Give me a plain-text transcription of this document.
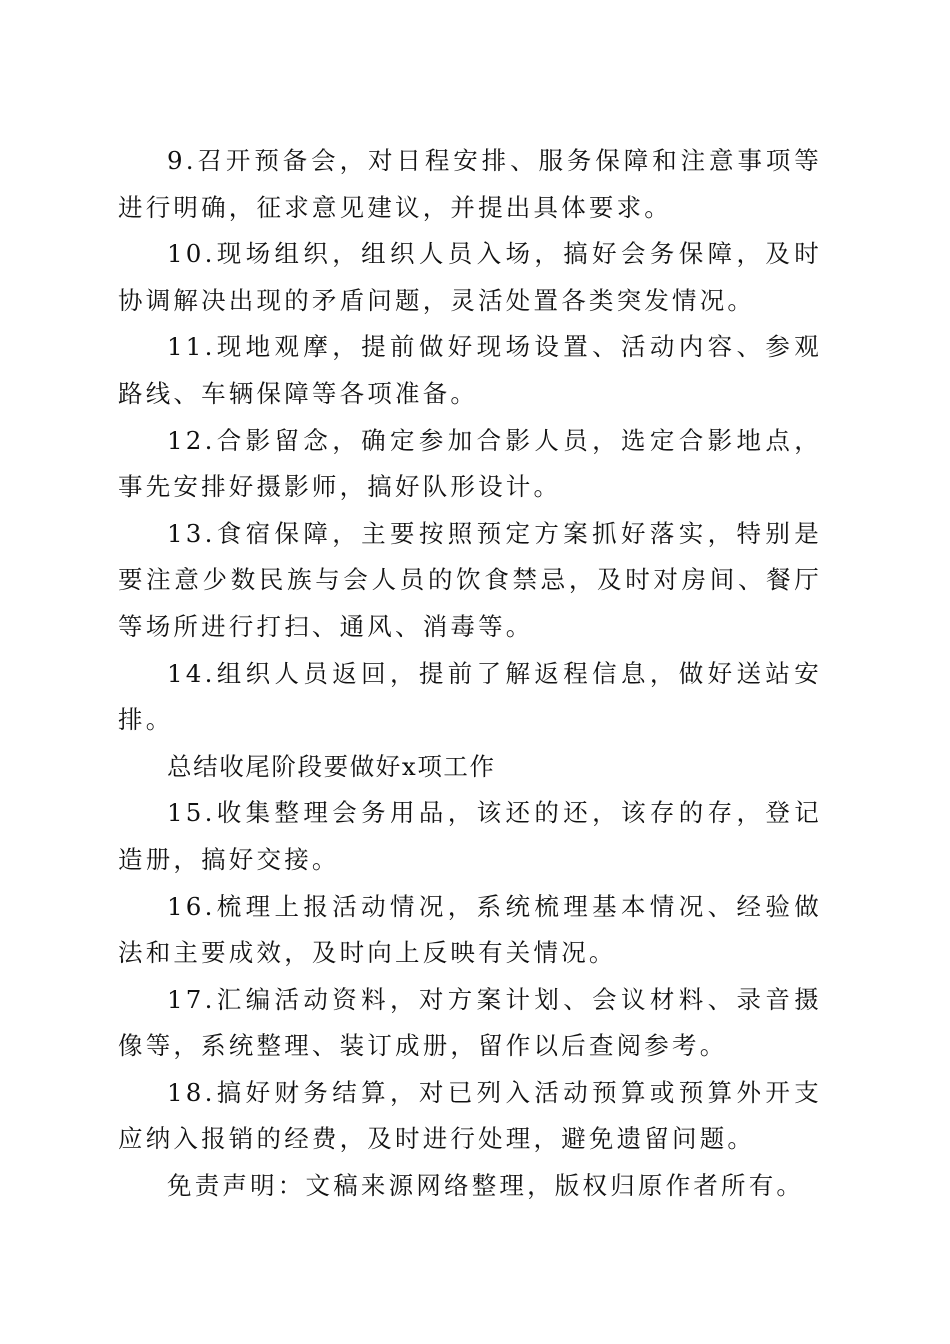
9.召开预备会，对日程安排、服务保障和注意事项等进行明确，征求意见建议，并提出具体要求。

10.现场组织，组织人员入场，搞好会务保障，及时协调解决出现的矛盾问题，灵活处置各类突发情况。

11.现地观摩，提前做好现场设置、活动内容、参观路线、车辆保障等各项准备。

12.合影留念，确定参加合影人员，选定合影地点，事先安排好摄影师，搞好队形设计。

13.食宿保障，主要按照预定方案抓好落实，特别是要注意少数民族与会人员的饮食禁忌，及时对房间、餐厅等场所进行打扫、通风、消毒等。

14.组织人员返回，提前了解返程信息，做好送站安排。

总结收尾阶段要做好x项工作

15.收集整理会务用品，该还的还，该存的存，登记造册，搞好交接。

16.梳理上报活动情况，系统梳理基本情况、经验做法和主要成效，及时向上反映有关情况。

17.汇编活动资料，对方案计划、会议材料、录音摄像等，系统整理、装订成册，留作以后查阅参考。

18.搞好财务结算，对已列入活动预算或预算外开支应纳入报销的经费，及时进行处理，避免遗留问题。

免责声明：文稿来源网络整理，版权归原作者所有。
